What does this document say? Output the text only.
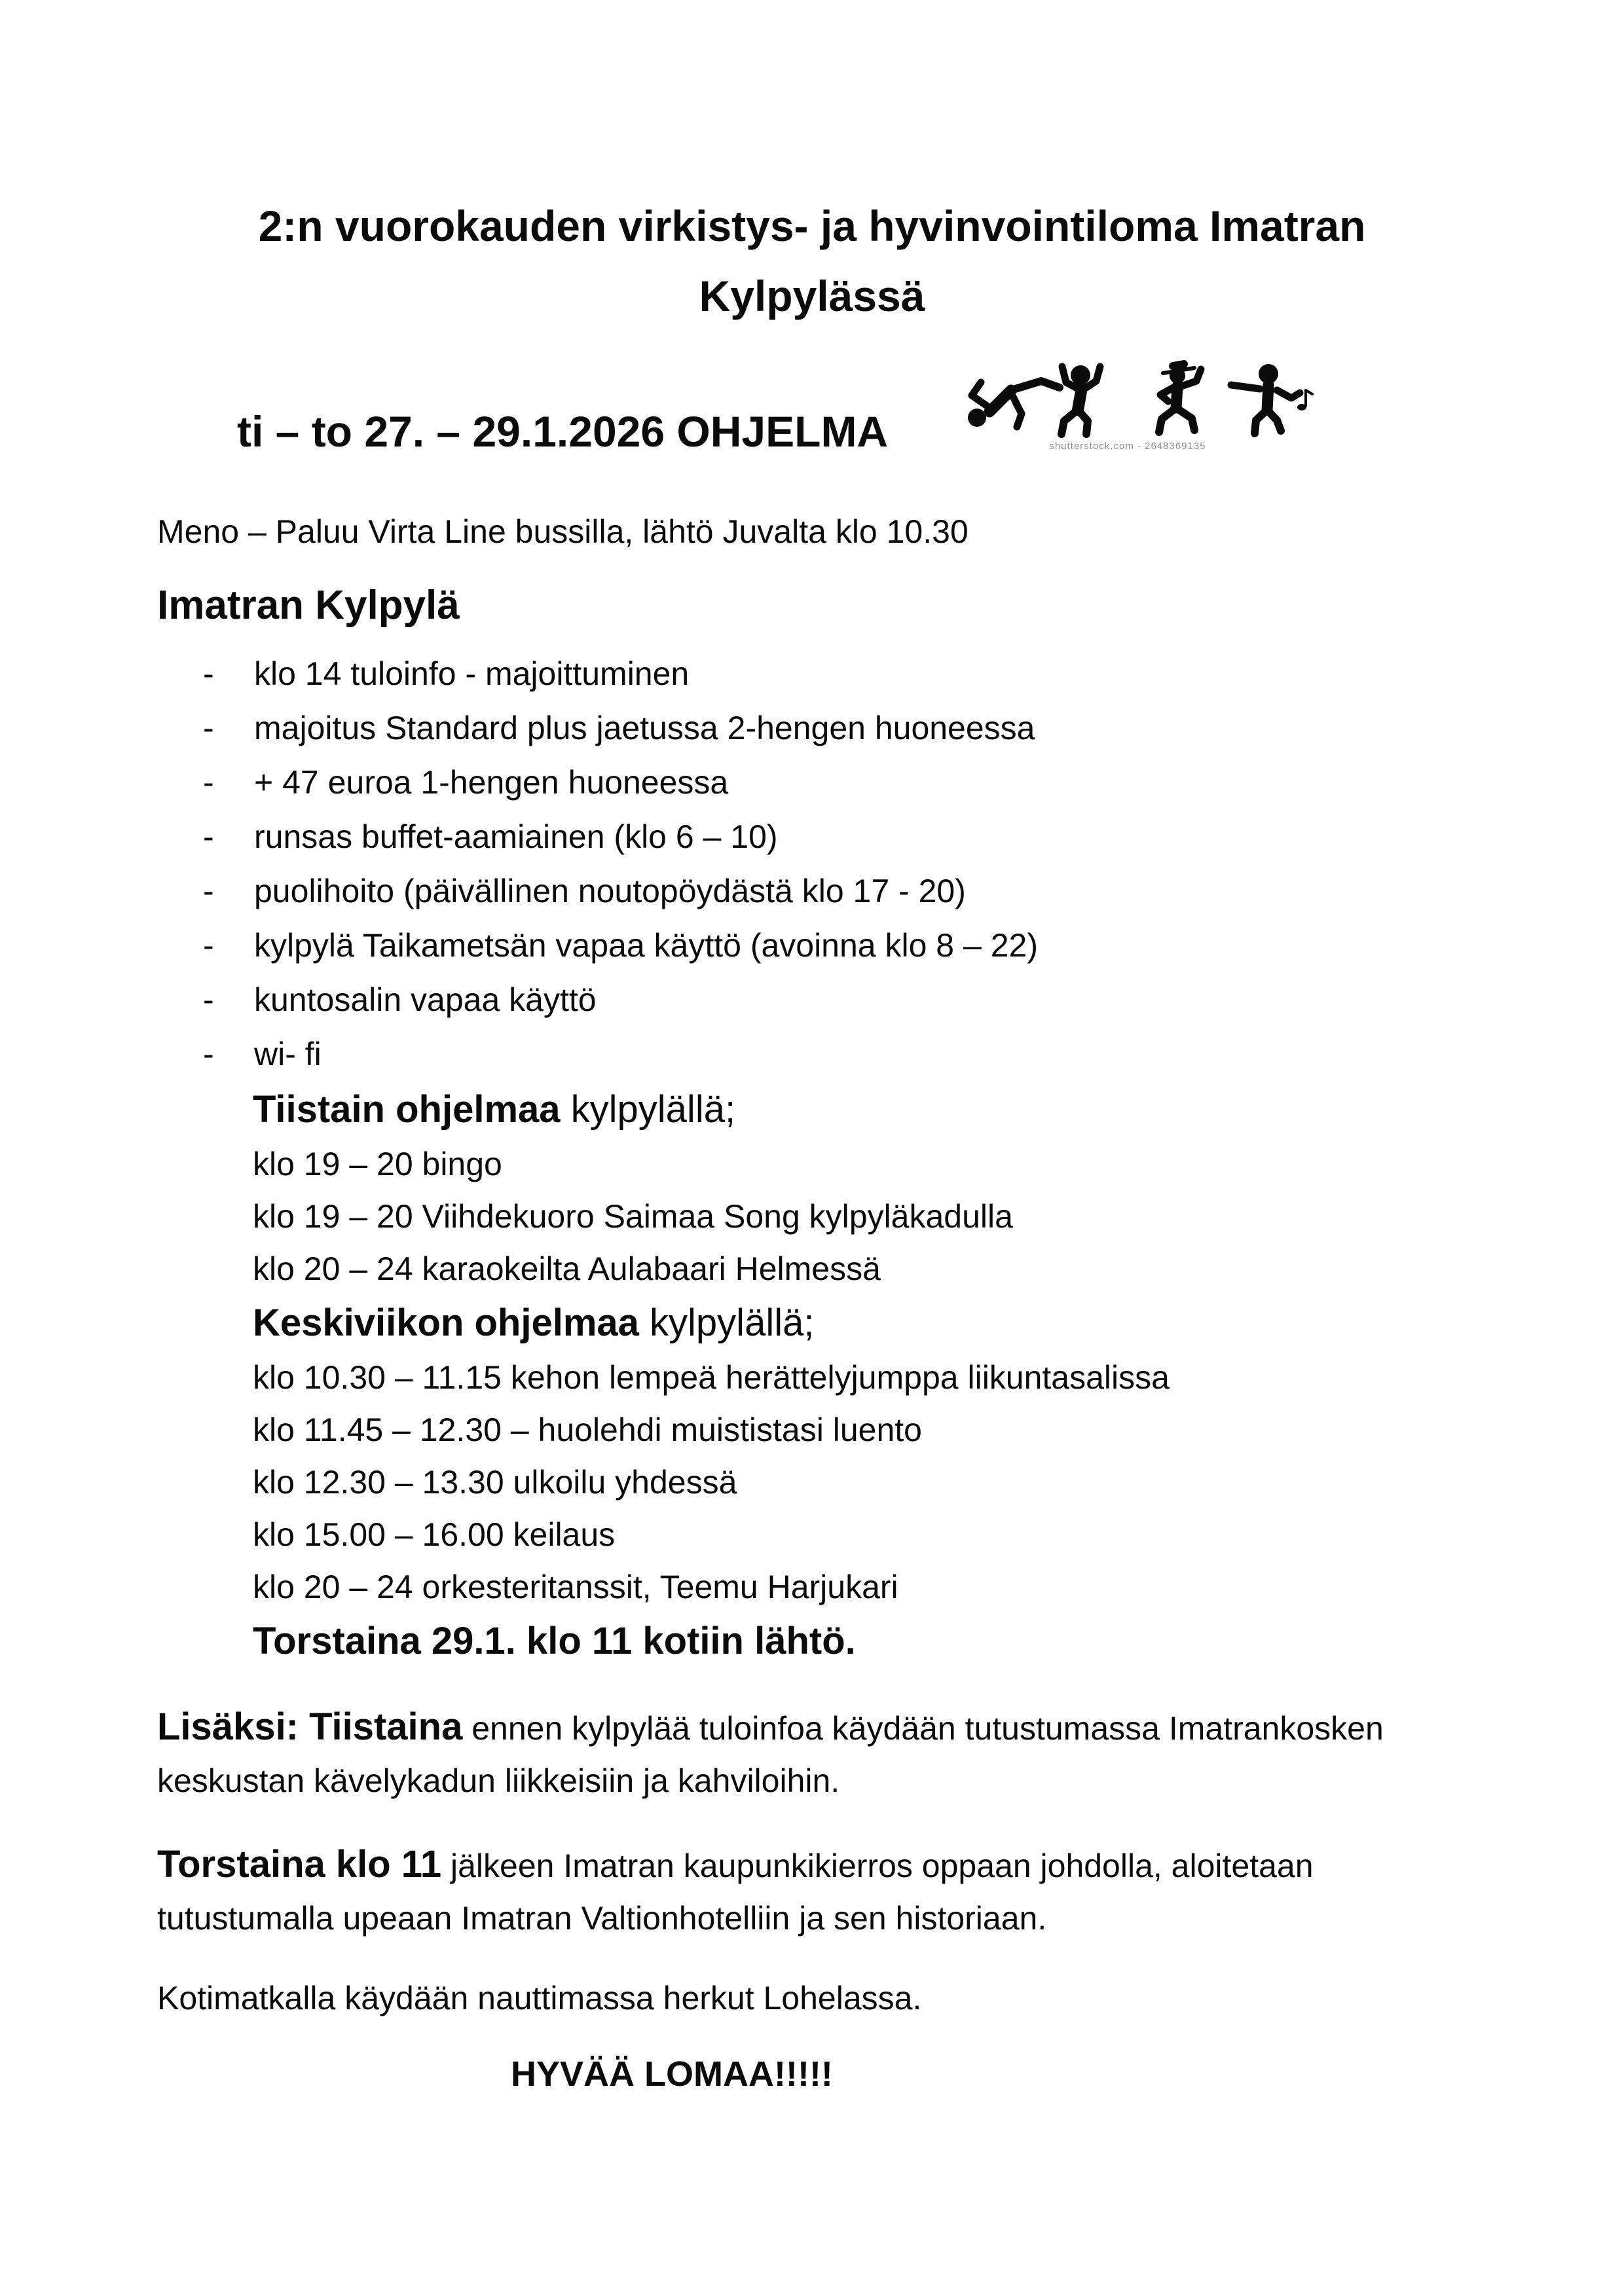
2:n vuorokauden virkistys- ja hyvinvointiloma Imatran
Kylpylässä
ti – to 27. – 29.1.2026 OHJELMA	shutterstock.com - 2648369135
Meno – Paluu Virta Line bussilla, lähtö Juvalta klo 10.30
Imatran Kylpylä
-	klo 14 tuloinfo - majoittuminen
-	majoitus Standard plus jaetussa 2-hengen huoneessa
-	+ 47 euroa 1-hengen huoneessa
-	runsas buffet-aamiainen (klo 6 – 10)
-	puolihoito (päivällinen noutopöydästä klo 17 - 20)
-	kylpylä Taikametsän vapaa käyttö (avoinna klo 8 – 22)
-	kuntosalin vapaa käyttö
-	wi- fi
Tiistain ohjelmaa kylpylällä;
klo 19 – 20 bingo
klo 19 – 20 Viihdekuoro Saimaa Song kylpyläkadulla
klo 20 – 24 karaokeilta Aulabaari Helmessä
Keskiviikon ohjelmaa kylpylällä;
klo 10.30 – 11.15 kehon lempeä herättelyjumppa liikuntasalissa
klo 11.45 – 12.30 – huolehdi muististasi luento
klo 12.30 – 13.30 ulkoilu yhdessä
klo 15.00 – 16.00 keilaus
klo 20 – 24 orkesteritanssit, Teemu Harjukari
Torstaina 29.1. klo 11 kotiin lähtö.
Lisäksi: Tiistaina ennen kylpylää tuloinfoa käydään tutustumassa Imatrankosken keskustan kävelykadun liikkeisiin ja kahviloihin.
Torstaina klo 11 jälkeen Imatran kaupunkikierros oppaan johdolla, aloitetaan tutustumalla upeaan Imatran Valtionhotelliin ja sen historiaan.
Kotimatkalla käydään nauttimassa herkut Lohelassa.
HYVÄÄ LOMAA!!!!!
